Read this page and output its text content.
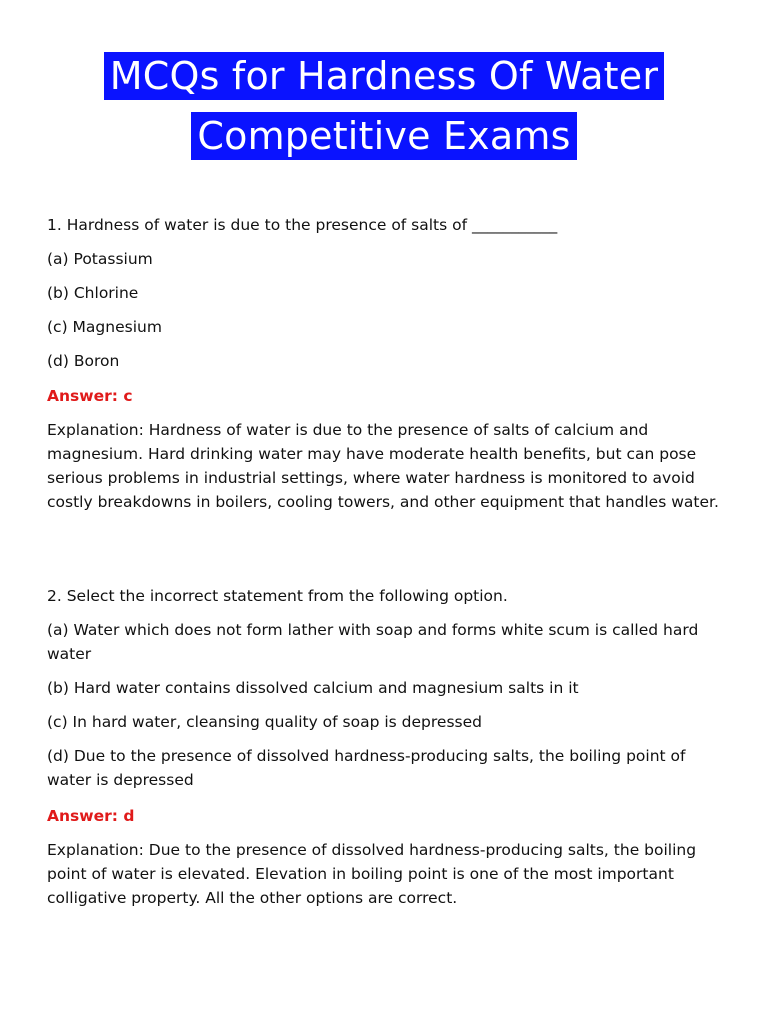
MCQs for Hardness Of Water
Competitive Exams
1. Hardness of water is due to the presence of salts of ___________
(a) Potassium
(b) Chlorine
(c) Magnesium
(d) Boron
Answer: c
Explanation: Hardness of water is due to the presence of salts of calcium and magnesium. Hard drinking water may have moderate health benefits, but can pose serious problems in industrial settings, where water hardness is monitored to avoid costly breakdowns in boilers, cooling towers, and other equipment that handles water.
2. Select the incorrect statement from the following option.
(a) Water which does not form lather with soap and forms white scum is called hard water
(b) Hard water contains dissolved calcium and magnesium salts in it
(c) In hard water, cleansing quality of soap is depressed
(d) Due to the presence of dissolved hardness-producing salts, the boiling point of water is depressed
Answer: d
Explanation: Due to the presence of dissolved hardness-producing salts, the boiling point of water is elevated. Elevation in boiling point is one of the most important colligative property. All the other options are correct.
